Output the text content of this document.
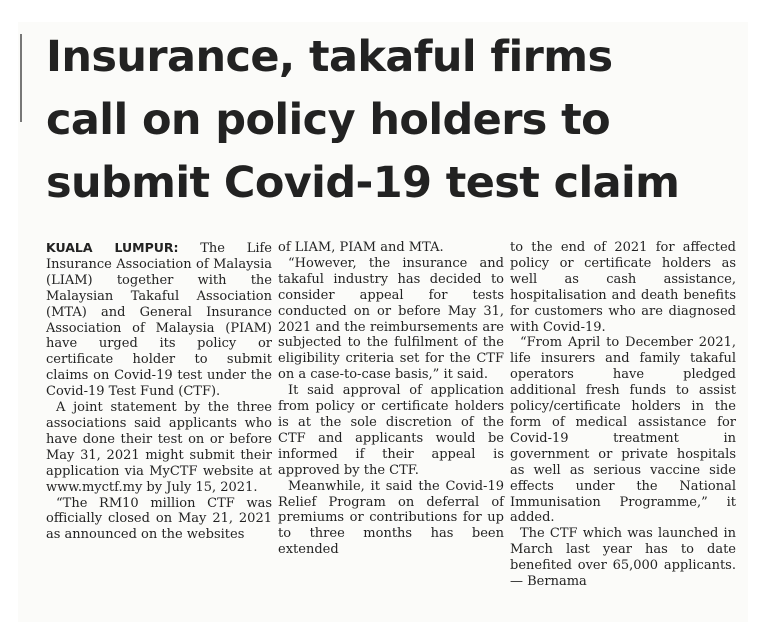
Insurance, takaful firms
call on policy holders to
submit Covid-19 test claim

KUALA LUMPUR: The Life Insurance Association of Malaysia (LIAM) together with the Malaysian Takaful Association (MTA) and General Insurance Association of Malaysia (PIAM) have urged its policy or certificate holder to submit claims on Covid-19 test under the Covid-19 Test Fund (CTF).

A joint statement by the three associations said applicants who have done their test on or before May 31, 2021 might submit their application via MyCTF website at www.myctf.my by July 15, 2021.

“The RM10 million CTF was officially closed on May 21, 2021 as announced on the websites

of LIAM, PIAM and MTA.

“However, the insurance and takaful industry has decided to consider appeal for tests conducted on or before May 31, 2021 and the reimbursements are subjected to the fulfilment of the eligibility criteria set for the CTF on a case-to-case basis,” it said.

It said approval of application from policy or certificate holders is at the sole discretion of the CTF and applicants would be informed if their appeal is approved by the CTF.

Meanwhile, it said the Covid-19 Relief Program on deferral of premiums or contributions for up to three months has been extended

to the end of 2021 for affected policy or certificate holders as well as cash assistance, hospitalisation and death benefits for customers who are diagnosed with Covid-19.

“From April to December 2021, life insurers and family takaful operators have pledged additional fresh funds to assist policy/certificate holders in the form of medical assistance for Covid-19 treatment in government or private hospitals as well as serious vaccine side effects under the National Immunisation Programme,” it added.

The CTF which was launched in March last year has to date benefited over 65,000 applicants. — Bernama
